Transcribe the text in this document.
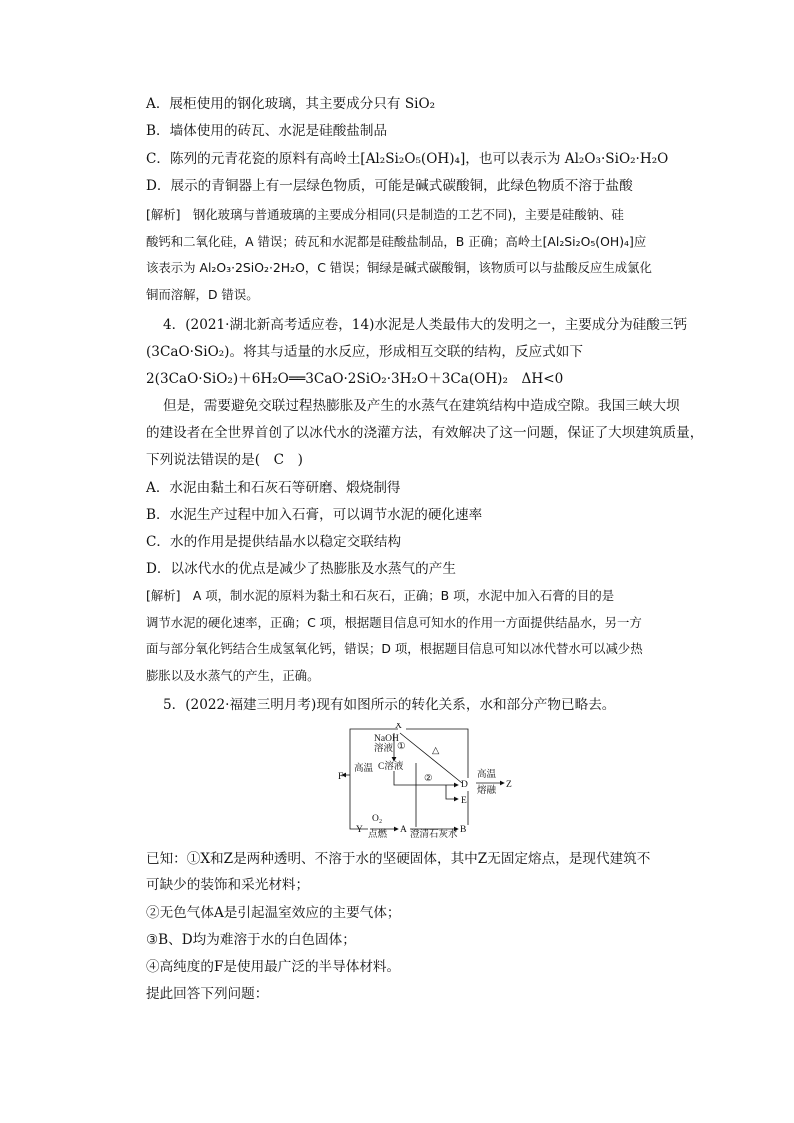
A．展柜使用的钢化玻璃，其主要成分只有 SiO₂
B．墙体使用的砖瓦、水泥是硅酸盐制品
C．陈列的元青花瓷的原料有高岭土[Al₂Si₂O₅(OH)₄]，也可以表示为 Al₂O₃·SiO₂·H₂O
D．展示的青铜器上有一层绿色物质，可能是碱式碳酸铜，此绿色物质不溶于盐酸

[解析]　钢化玻璃与普通玻璃的主要成分相同(只是制造的工艺不同)，主要是硅酸钠、硅

酸钙和二氧化硅，A 错误；砖瓦和水泥都是硅酸盐制品，B 正确；高岭土[Al₂Si₂O₅(OH)₄]应

该表示为 Al₂O₃·2SiO₂·2H₂O，C 错误；铜绿是碱式碳酸铜，该物质可以与盐酸反应生成氯化

铜而溶解，D 错误。

4．(2021·湖北新高考适应卷，14)水泥是人类最伟大的发明之一，主要成分为硅酸三钙
(3CaO·SiO₂)。将其与适量的水反应，形成相互交联的结构，反应式如下
2(3CaO·SiO₂)＋6H₂O══3CaO·2SiO₂·3H₂O＋3Ca(OH)₂　ΔH<0
但是，需要避免交联过程热膨胀及产生的水蒸气在建筑结构中造成空隙。我国三峡大坝
的建设者在全世界首创了以冰代水的浇灌方法，有效解决了这一问题，保证了大坝建筑质量，
下列说法错误的是(　C　)
A．水泥由黏土和石灰石等研磨、煅烧制得
B．水泥生产过程中加入石膏，可以调节水泥的硬化速率
C．水的作用是提供结晶水以稳定交联结构
D．以冰代水的优点是减少了热膨胀及水蒸气的产生

[解析]　A 项，制水泥的原料为黏土和石灰石，正确；B 项，水泥中加入石膏的目的是

调节水泥的硬化速率，正确；C 项，根据题目信息可知水的作用一方面提供结晶水，另一方

面与部分氧化钙结合生成氢氧化钙，错误；D 项，根据题目信息可知以冰代替水可以减少热

膨胀以及水蒸气的产生，正确。

5．(2022·福建三明月考)现有如图所示的转化关系，水和部分产物已略去。
X
F
高温
NaOH
溶液 ①	△
C溶液
②
D
E
高温
熔融
Z
O₂
Y 点燃 A 澄清石灰水 B
已知：①X和Z是两种透明、不溶于水的坚硬固体，其中Z无固定熔点，是现代建筑不
可缺少的装饰和采光材料；
②无色气体A是引起温室效应的主要气体；
③B、D均为难溶于水的白色固体；
④高纯度的F是使用最广泛的半导体材料。
提此回答下列问题：
